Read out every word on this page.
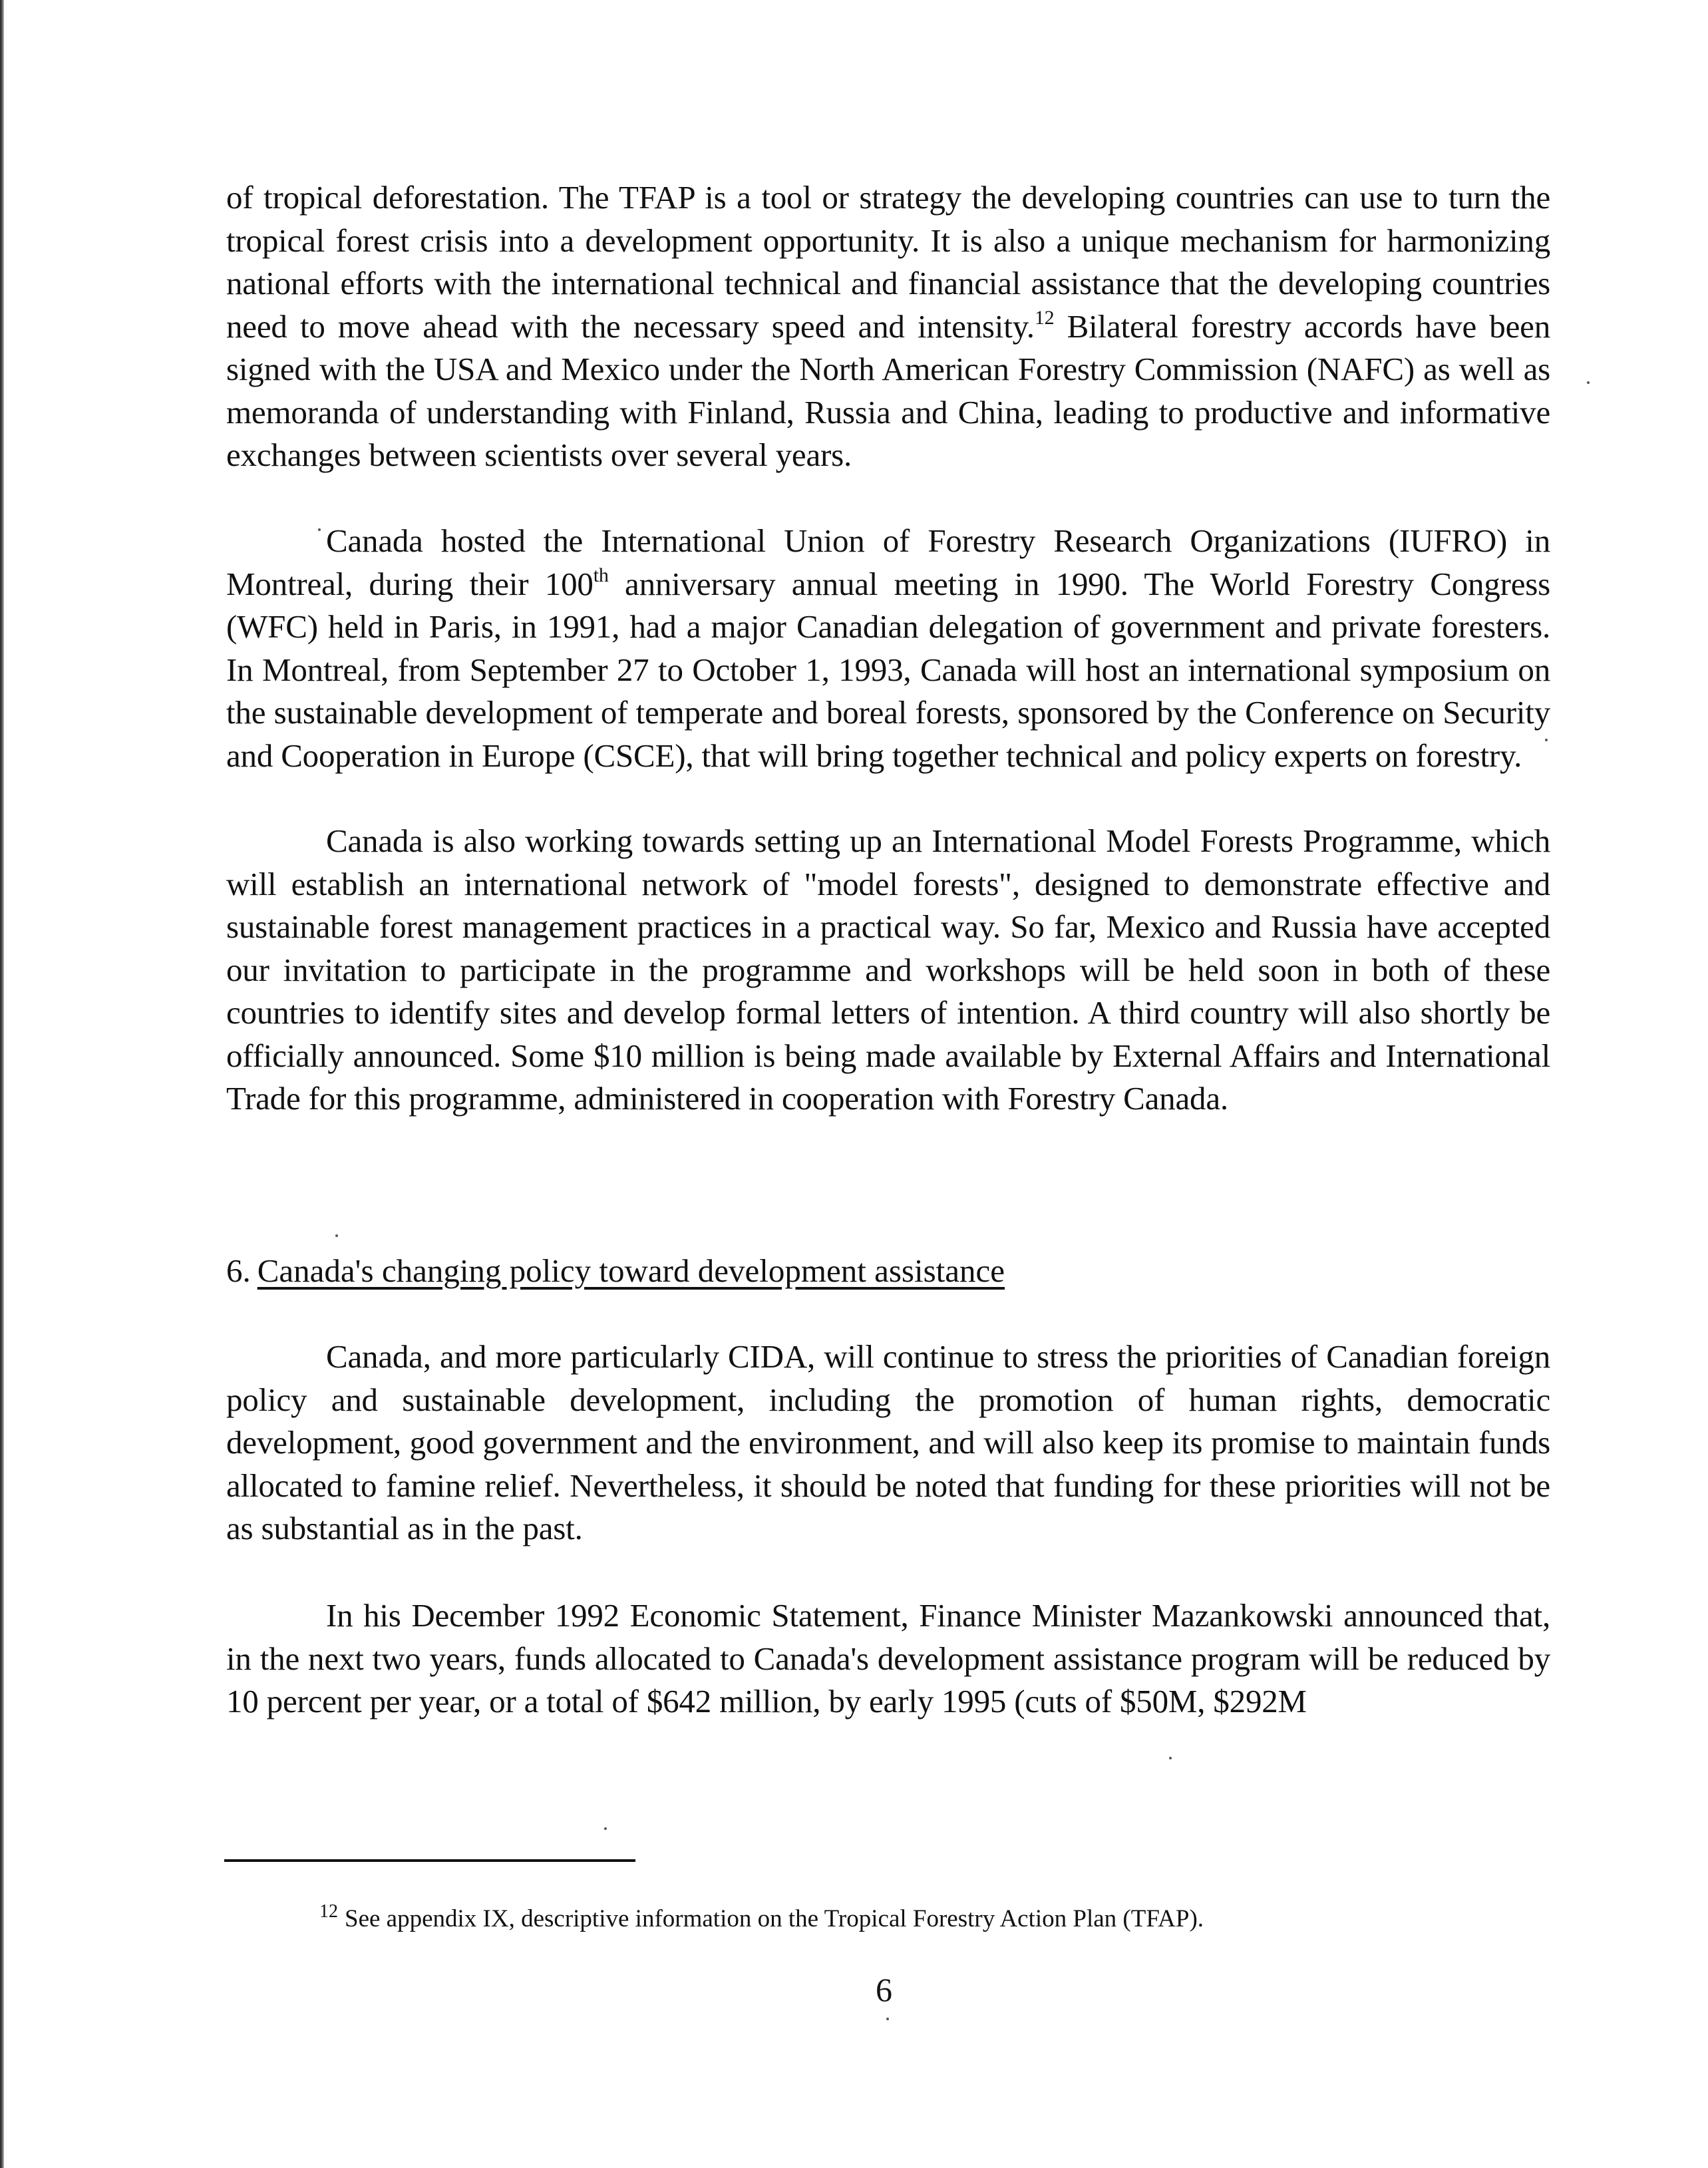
of tropical deforestation. The TFAP is a tool or strategy the developing countries can use to turn the tropical forest crisis into a development opportunity. It is also a unique mechanism for harmonizing national efforts with the international technical and financial assistance that the developing countries need to move ahead with the necessary speed and intensity.$^{12}$ Bilateral forestry accords have been signed with the USA and Mexico under the North American Forestry Commission (NAFC) as well as memoranda of understanding with Finland, Russia and China, leading to productive and informative exchanges between scientists over several years.

Canada hosted the International Union of Forestry Research Organizations (IUFRO) in Montreal, during their 100th anniversary annual meeting in 1990. The World Forestry Congress (WFC) held in Paris, in 1991, had a major Canadian delegation of government and private foresters. In Montreal, from September 27 to October 1, 1993, Canada will host an international symposium on the sustainable development of temperate and boreal forests, sponsored by the Conference on Security and Cooperation in Europe (CSCE), that will bring together technical and policy experts on forestry.

Canada is also working towards setting up an International Model Forests Programme, which will establish an international network of "model forests", designed to demonstrate effective and sustainable forest management practices in a practical way. So far, Mexico and Russia have accepted our invitation to participate in the programme and workshops will be held soon in both of these countries to identify sites and develop formal letters of intention. A third country will also shortly be officially announced. Some $10 million is being made available by External Affairs and International Trade for this programme, administered in cooperation with Forestry Canada.

6. Canada's changing policy toward development assistance

Canada, and more particularly CIDA, will continue to stress the priorities of Canadian foreign policy and sustainable development, including the promotion of human rights, democratic development, good government and the environment, and will also keep its promise to maintain funds allocated to famine relief. Nevertheless, it should be noted that funding for these priorities will not be as substantial as in the past.

In his December 1992 Economic Statement, Finance Minister Mazankowski announced that, in the next two years, funds allocated to Canada's development assistance program will be reduced by 10 percent per year, or a total of $642 million, by early 1995 (cuts of $50M, $292M

$^{12}$ See appendix IX, descriptive information on the Tropical Forestry Action Plan (TFAP).
6
